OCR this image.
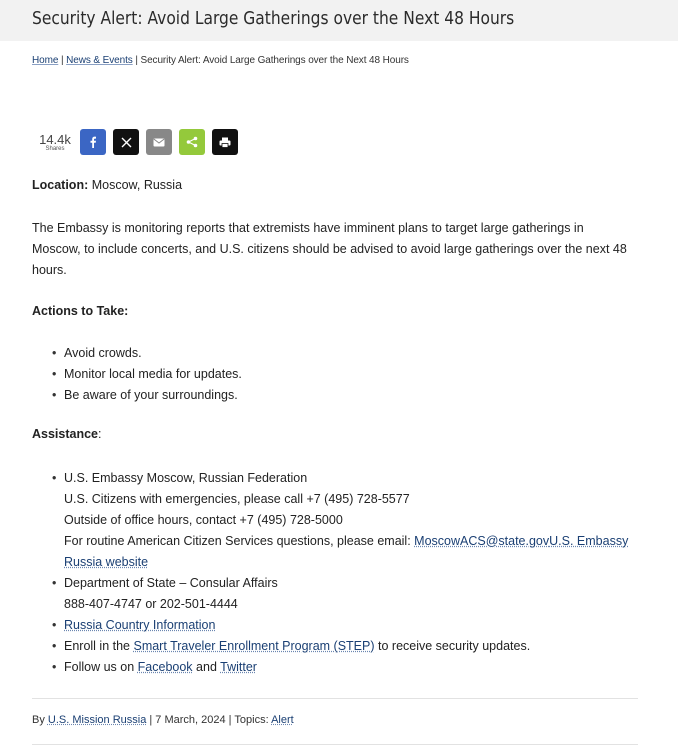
Security Alert: Avoid Large Gatherings over the Next 48 Hours
Home | News & Events | Security Alert: Avoid Large Gatherings over the Next 48 Hours
14.4k
Shares

Location: Moscow, Russia

The Embassy is monitoring reports that extremists have imminent plans to target large gatherings in Moscow, to include concerts, and U.S. citizens should be advised to avoid large gatherings over the next 48 hours.

Actions to Take:

• Avoid crowds.
• Monitor local media for updates.
• Be aware of your surroundings.

Assistance:

• U.S. Embassy Moscow, Russian Federation
U.S. Citizens with emergencies, please call +7 (495) 728-5577
Outside of office hours, contact +7 (495) 728-5000
For routine American Citizen Services questions, please email: MoscowACS@state.govU.S. Embassy Russia website
• Department of State – Consular Affairs
888-407-4747 or 202-501-4444
• Russia Country Information
• Enroll in the Smart Traveler Enrollment Program (STEP) to receive security updates.
• Follow us on Facebook and Twitter
By U.S. Mission Russia | 7 March, 2024 | Topics: Alert
